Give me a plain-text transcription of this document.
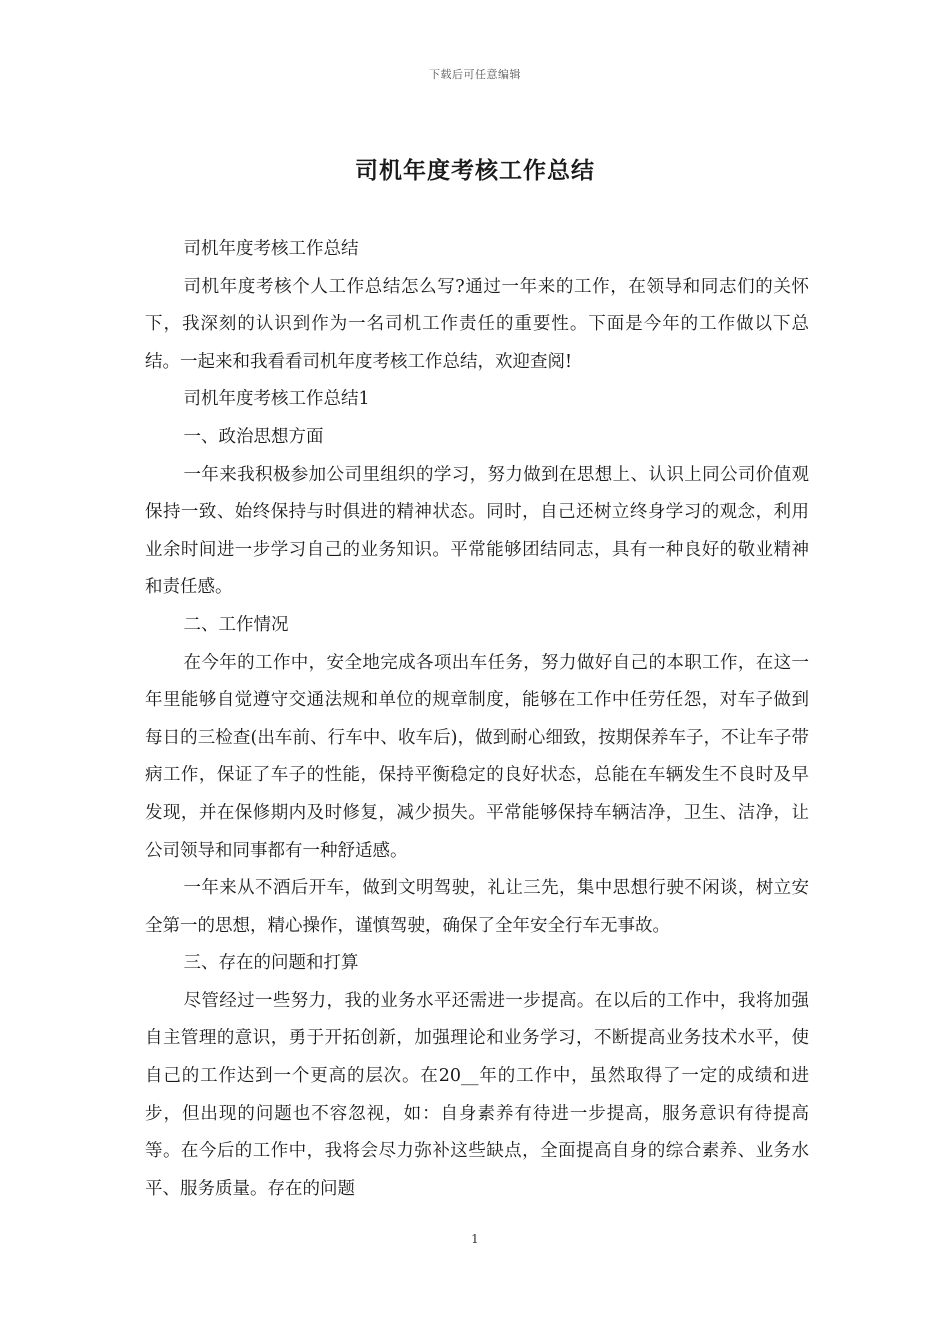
下载后可任意编辑
司机年度考核工作总结

司机年度考核工作总结

司机年度考核个人工作总结怎么写?通过一年来的工作，在领导和同志们的关怀下，我深刻的认识到作为一名司机工作责任的重要性。下面是今年的工作做以下总结。一起来和我看看司机年度考核工作总结，欢迎查阅!

司机年度考核工作总结1

一、政治思想方面

一年来我积极参加公司里组织的学习，努力做到在思想上、认识上同公司价值观保持一致、始终保持与时俱进的精神状态。同时，自己还树立终身学习的观念，利用业余时间进一步学习自己的业务知识。平常能够团结同志，具有一种良好的敬业精神和责任感。

二、工作情况

在今年的工作中，安全地完成各项出车任务，努力做好自己的本职工作，在这一年里能够自觉遵守交通法规和单位的规章制度，能够在工作中任劳任怨，对车子做到每日的三检查(出车前、行车中、收车后)，做到耐心细致，按期保养车子，不让车子带病工作，保证了车子的性能，保持平衡稳定的良好状态，总能在车辆发生不良时及早发现，并在保修期内及时修复，减少损失。平常能够保持车辆洁净，卫生、洁净，让公司领导和同事都有一种舒适感。

一年来从不酒后开车，做到文明驾驶，礼让三先，集中思想行驶不闲谈，树立安全第一的思想，精心操作，谨慎驾驶，确保了全年安全行车无事故。

三、存在的问题和打算

尽管经过一些努力，我的业务水平还需进一步提高。在以后的工作中，我将加强自主管理的意识，勇于开拓创新，加强理论和业务学习，不断提高业务技术水平，使自己的工作达到一个更高的层次。在20__年的工作中，虽然取得了一定的成绩和进步，但出现的问题也不容忽视，如：自身素养有待进一步提高，服务意识有待提高等。在今后的工作中，我将会尽力弥补这些缺点，全面提高自身的综合素养、业务水平、服务质量。存在的问题

1
